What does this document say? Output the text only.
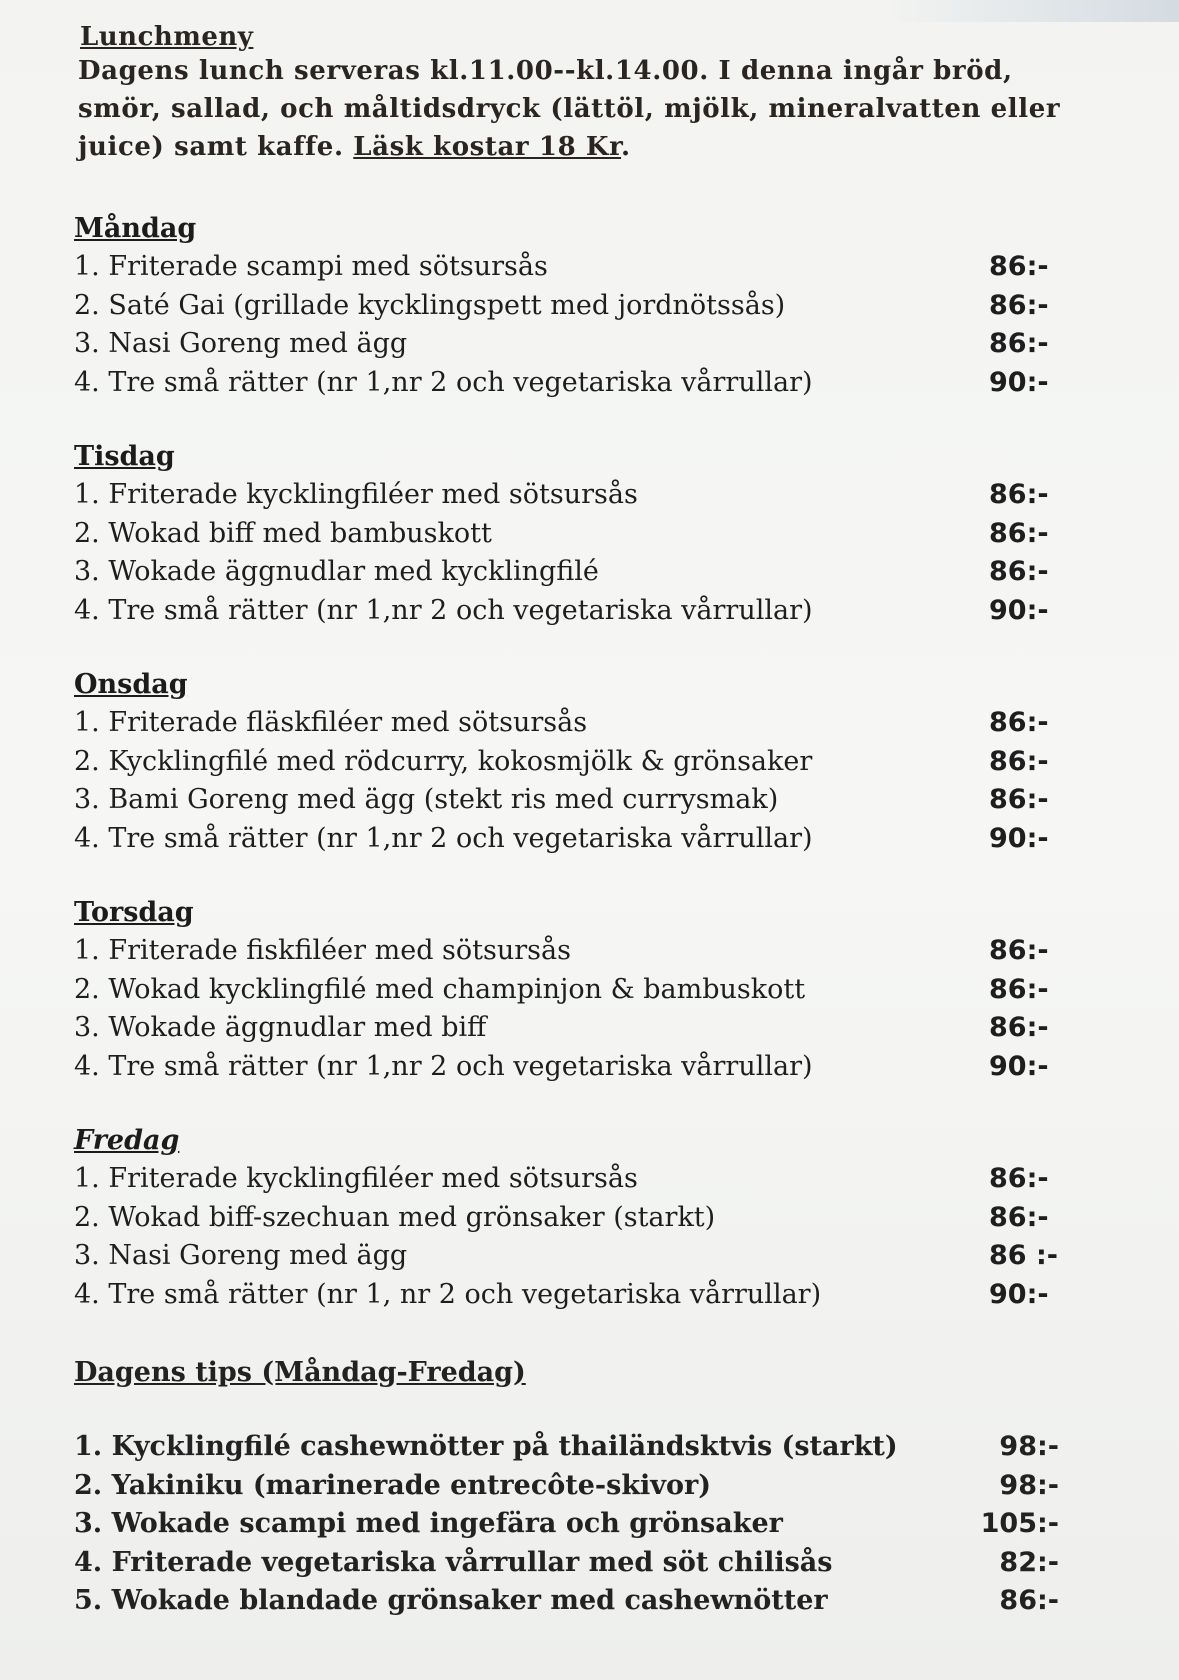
Lunchmeny
Dagens lunch serveras kl.11.00--kl.14.00. I denna ingår bröd,
smör, sallad, och måltidsdryck (lättöl, mjölk, mineralvatten eller
juice) samt kaffe. Läsk kostar 18 Kr.
Måndag
1. Friterade scampi med sötsursås	86:-
2. Saté Gai (grillade kycklingspett med jordnötssås)	86:-
3. Nasi Goreng med ägg	86:-
4. Tre små rätter (nr 1,nr 2 och vegetariska vårrullar)	90:-
Tisdag
1. Friterade kycklingfiléer med sötsursås	86:-
2. Wokad biff med bambuskott	86:-
3. Wokade äggnudlar med kycklingfilé	86:-
4. Tre små rätter (nr 1,nr 2 och vegetariska vårrullar)	90:-
Onsdag
1. Friterade fläskfiléer med sötsursås	86:-
2. Kycklingfilé med rödcurry, kokosmjölk & grönsaker	86:-
3. Bami Goreng med ägg (stekt ris med currysmak)	86:-
4. Tre små rätter (nr 1,nr 2 och vegetariska vårrullar)	90:-
Torsdag
1. Friterade fiskfiléer med sötsursås	86:-
2. Wokad kycklingfilé med champinjon & bambuskott	86:-
3. Wokade äggnudlar med biff	86:-
4. Tre små rätter (nr 1,nr 2 och vegetariska vårrullar)	90:-
Fredag
1. Friterade kycklingfiléer med sötsursås	86:-
2. Wokad biff-szechuan med grönsaker (starkt)	86:-
3. Nasi Goreng med ägg	86 :-
4. Tre små rätter (nr 1, nr 2 och vegetariska vårrullar)	90:-
Dagens tips (Måndag-Fredag)
1. Kycklingfilé cashewnötter på thailändsktvis (starkt)	98:-
2. Yakiniku (marinerade entrecôte-skivor)	98:-
3. Wokade scampi med ingefära och grönsaker	105:-
4. Friterade vegetariska vårrullar med söt chilisås	82:-
5. Wokade blandade grönsaker med cashewnötter	86:-
